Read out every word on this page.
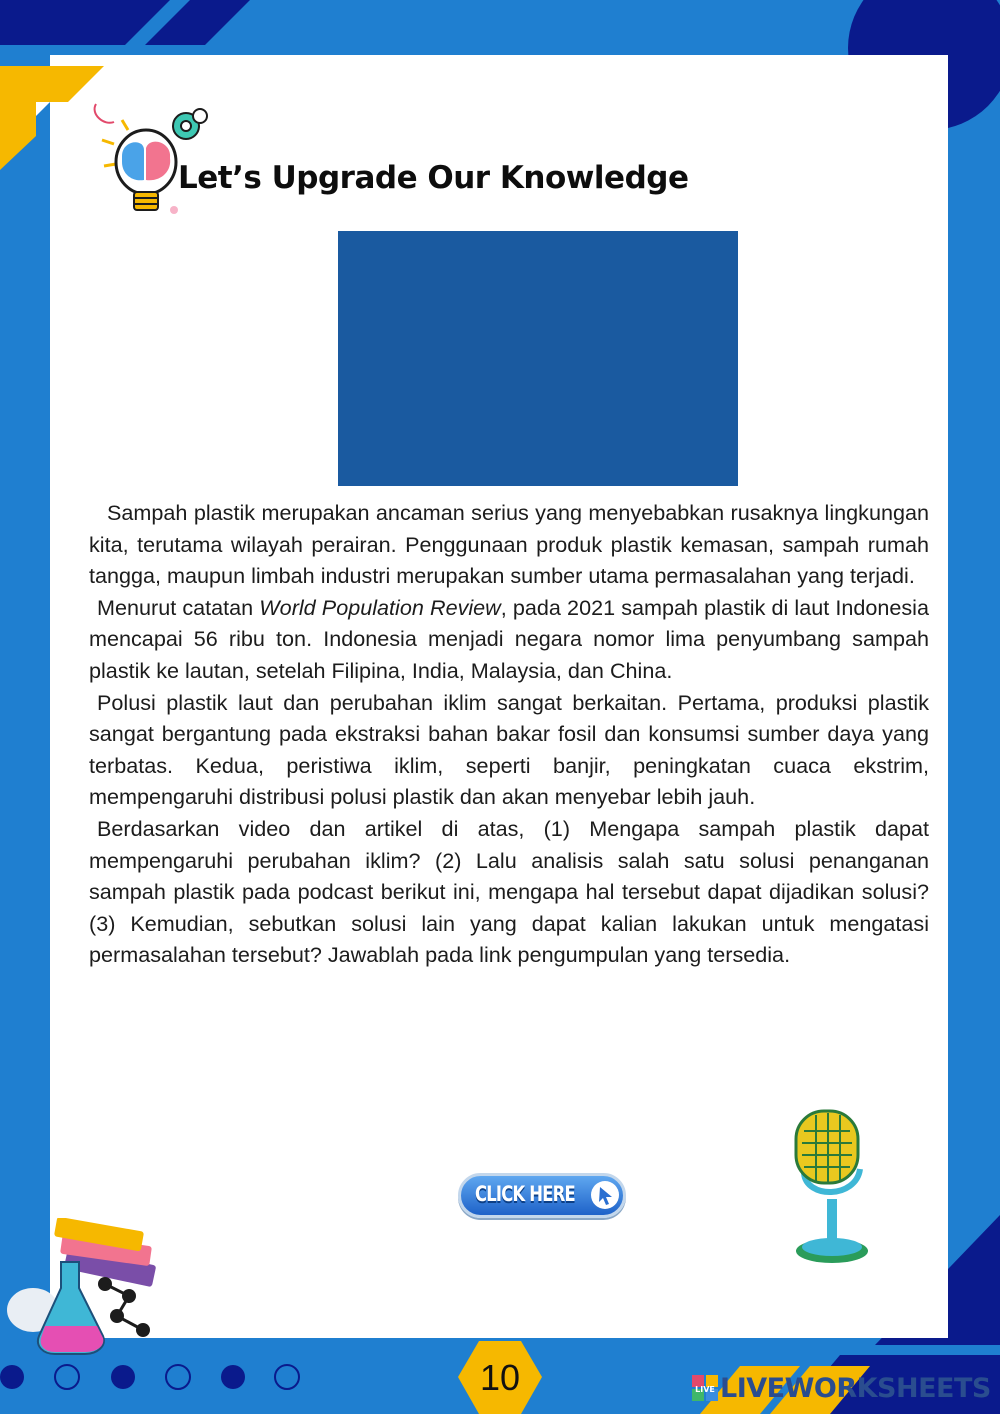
Let’s Upgrade Our Knowledge

Sampah plastik merupakan ancaman serius yang menyebabkan rusaknya lingkungan kita, terutama wilayah perairan. Penggunaan produk plastik kemasan, sampah rumah tangga, maupun limbah industri merupakan sumber utama permasalahan yang terjadi.

Menurut catatan World Population Review, pada 2021 sampah plastik di laut Indonesia mencapai 56 ribu ton. Indonesia menjadi negara nomor lima penyumbang sampah plastik ke lautan, setelah Filipina, India, Malaysia, dan China.

Polusi plastik laut dan perubahan iklim sangat berkaitan. Pertama, produksi plastik sangat bergantung pada ekstraksi bahan bakar fosil dan konsumsi sumber daya yang terbatas. Kedua, peristiwa iklim, seperti banjir, peningkatan cuaca ekstrim, mempengaruhi distribusi polusi plastik dan akan menyebar lebih jauh.

Berdasarkan video dan artikel di atas, (1) Mengapa sampah plastik dapat mempengaruhi perubahan iklim? (2) Lalu analisis salah satu solusi penanganan sampah plastik pada podcast berikut ini, mengapa hal tersebut dapat dijadikan solusi? (3) Kemudian, sebutkan solusi lain yang dapat kalian lakukan untuk mengatasi permasalahan tersebut? Jawablah pada link pengumpulan yang tersedia.

CLICK HERE
10	LIVE LIVEWORKSHEETS
